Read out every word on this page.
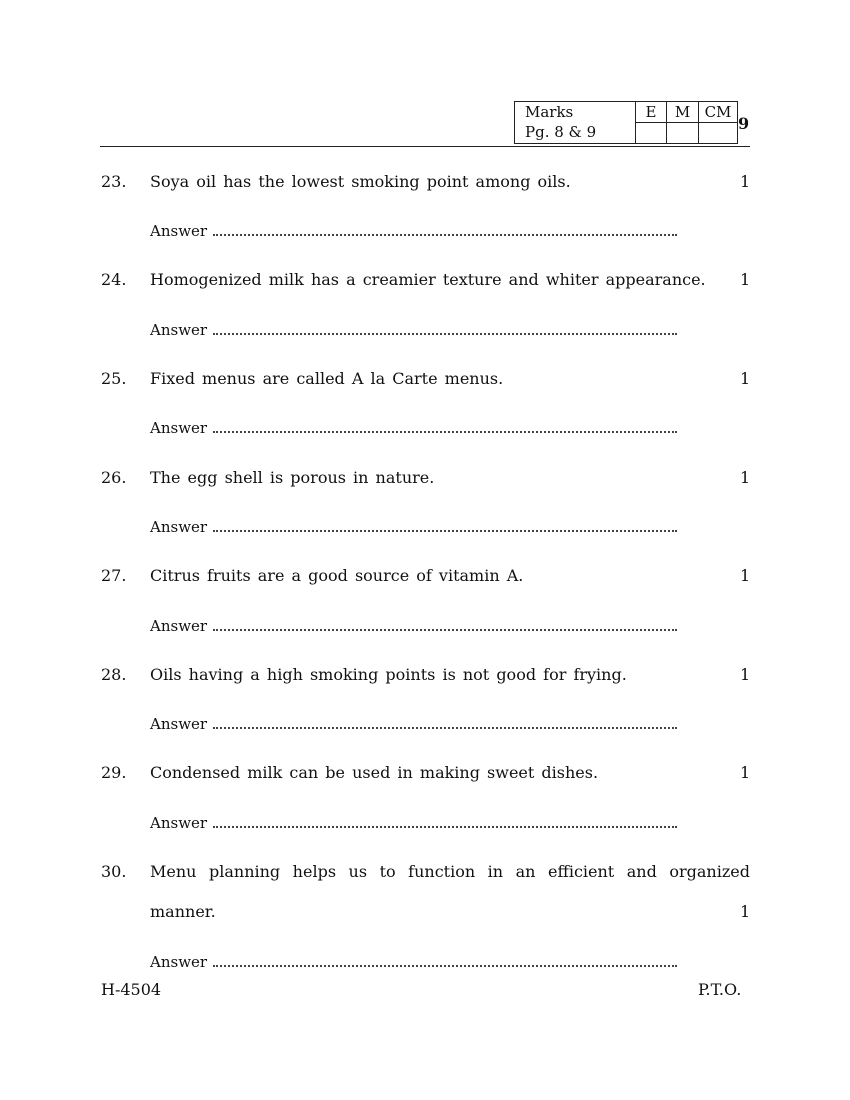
Marks	E	M	CM
Pg. 8 & 9				9
23. Soya oil has the lowest smoking point among oils.	1
Answer
24. Homogenized milk has a creamier texture and whiter appearance.	1
Answer
25. Fixed menus are called A la Carte menus.	1
Answer
26. The egg shell is porous in nature.	1
Answer
27. Citrus fruits are a good source of vitamin A.	1
Answer
28. Oils having a high smoking points is not good for frying.	1
Answer
29. Condensed milk can be used in making sweet dishes.	1
Answer
30. Menu planning helps us to function in an efficient and organized
manner.	1
Answer
H-4504	P.T.O.
